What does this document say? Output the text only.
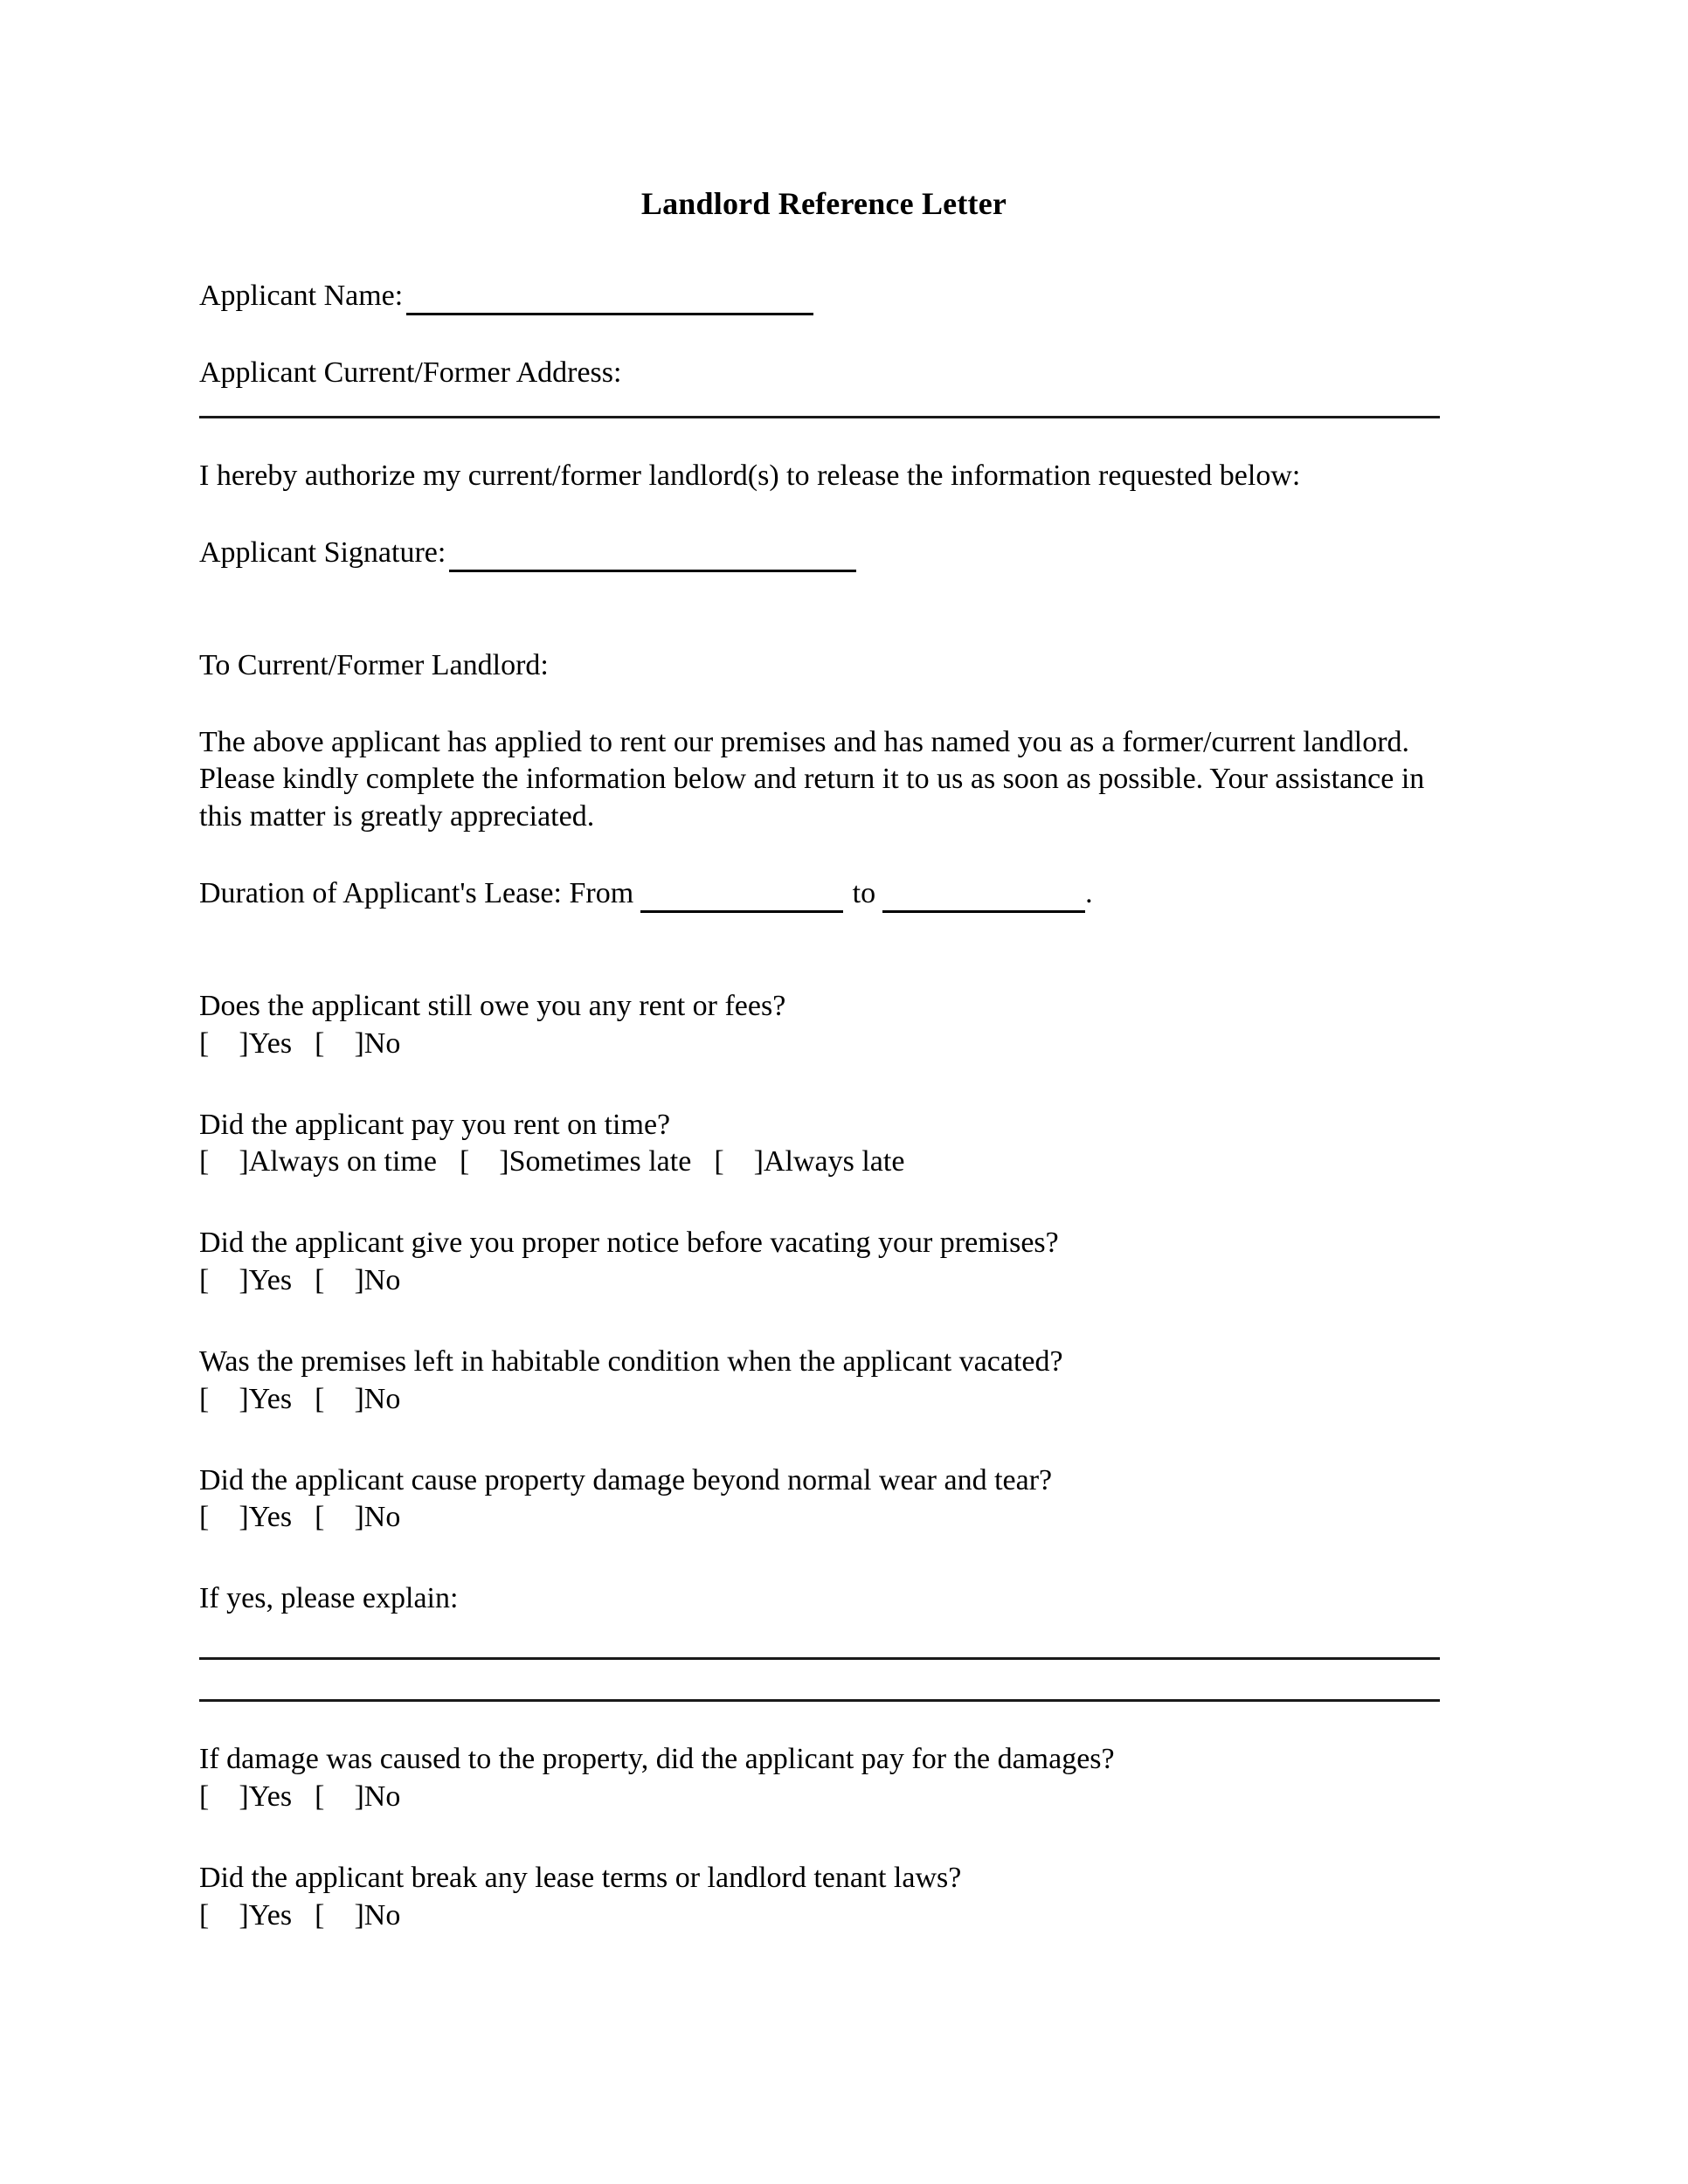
Landlord Reference Letter

Applicant Name:

Applicant Current/Former Address:

I hereby authorize my current/former landlord(s) to release the information requested below:

Applicant Signature:

To Current/Former Landlord:

The above applicant has applied to rent our premises and has named you as a former/current landlord. Please kindly complete the information below and return it to us as soon as possible. Your assistance in this matter is greatly appreciated.

Duration of Applicant's Lease: From	to	.

Does the applicant still owe you any rent or fees?

[    ]Yes [    ]No

Did the applicant pay you rent on time?

[    ]Always on time [    ]Sometimes late [    ]Always late

Did the applicant give you proper notice before vacating your premises?

[    ]Yes [    ]No

Was the premises left in habitable condition when the applicant vacated?

[    ]Yes [    ]No

Did the applicant cause property damage beyond normal wear and tear?

[    ]Yes [    ]No

If yes, please explain:

If damage was caused to the property, did the applicant pay for the damages?

[    ]Yes [    ]No

Did the applicant break any lease terms or landlord tenant laws?

[    ]Yes [    ]No
